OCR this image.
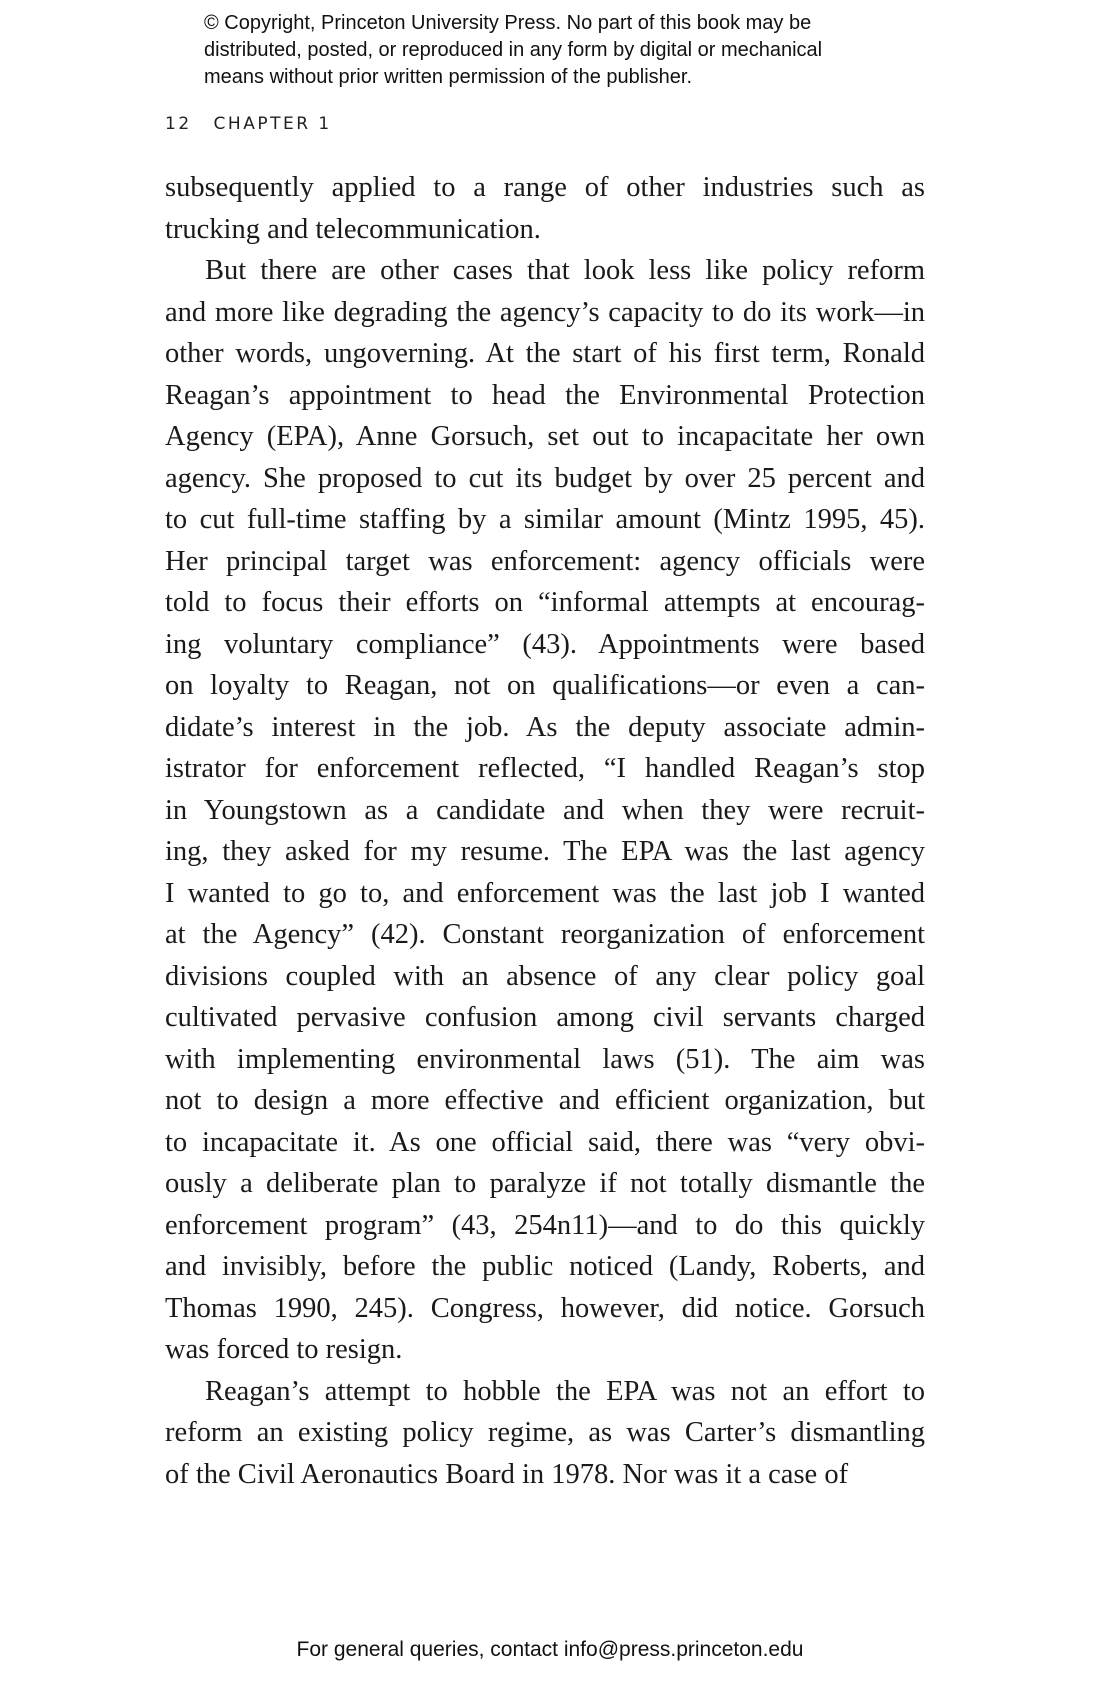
© Copyright, Princeton University Press. No part of this book may be
distributed, posted, or reproduced in any form by digital or mechanical
means without prior written permission of the publisher.
12 CHAPTER 1
subsequently applied to a range of other industries such as
trucking and telecommunication.
But there are other cases that look less like policy reform
and more like degrading the agency’s capacity to do its work—in
other words, ungoverning. At the start of his first term, Ronald
Reagan’s appointment to head the Environmental Protection
Agency (EPA), Anne Gorsuch, set out to incapacitate her own
agency. She proposed to cut its budget by over 25 percent and
to cut full-time staffing by a similar amount (Mintz 1995, 45).
Her principal target was enforcement: agency officials were
told to focus their efforts on “informal attempts at encourag-
ing voluntary compliance” (43). Appointments were based
on loyalty to Reagan, not on qualifications—or even a can-
didate’s interest in the job. As the deputy associate admin-
istrator for enforcement reflected, “I handled Reagan’s stop
in Youngstown as a candidate and when they were recruit-
ing, they asked for my resume. The EPA was the last agency
I wanted to go to, and enforcement was the last job I wanted
at the Agency” (42). Constant reorganization of enforcement
divisions coupled with an absence of any clear policy goal
cultivated pervasive confusion among civil servants charged
with implementing environmental laws (51). The aim was
not to design a more effective and efficient organization, but
to incapacitate it. As one official said, there was “very obvi-
ously a deliberate plan to paralyze if not totally dismantle the
enforcement program” (43, 254n11)—and to do this quickly
and invisibly, before the public noticed (Landy, Roberts, and
Thomas 1990, 245). Congress, however, did notice. Gorsuch
was forced to resign.
Reagan’s attempt to hobble the EPA was not an effort to
reform an existing policy regime, as was Carter’s dismantling
of the Civil Aeronautics Board in 1978. Nor was it a case of
For general queries, contact info@press.princeton.edu
